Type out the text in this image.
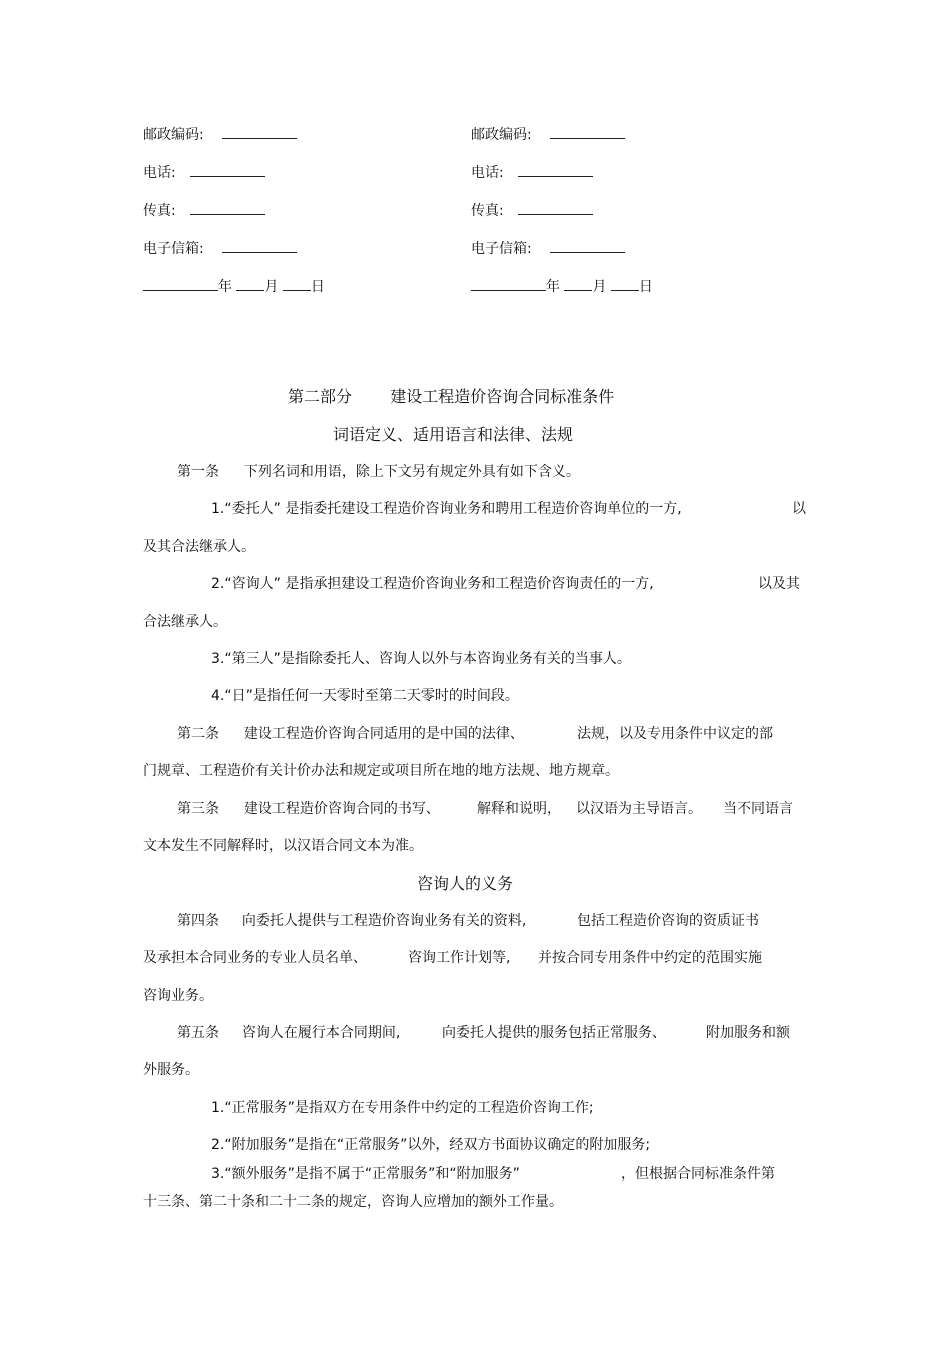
邮政编码:
电话:
传真:
电子信箱:
年 月 日
邮政编码:
电话:
传真:
电子信箱:
年 月 日
第二部分 建设工程造价咨询合同标准条件
词语定义、适用语言和法律、法规
第一条 下列名词和用语，除上下文另有规定外具有如下含义。
1.“委托人” 是指委托建设工程造价咨询业务和聘用工程造价咨询单位的一方,	以
及其合法继承人。
2.“咨询人” 是指承担建设工程造价咨询业务和工程造价咨询责任的一方,	以及其
合法继承人。
3.“第三人”是指除委托人、咨询人以外与本咨询业务有关的当事人。
4.“日”是指任何一天零时至第二天零时的时间段。
第二条 建设工程造价咨询合同适用的是中国的法律、	法规，以及专用条件中议定的部
门规章、工程造价有关计价办法和规定或项目所在地的地方法规、地方规章。
第三条 建设工程造价咨询合同的书写、	解释和说明， 以汉语为主导语言。 当不同语言
文本发生不同解释时，以汉语合同文本为准。
咨询人的义务
第四条 向委托人提供与工程造价咨询业务有关的资料,	包括工程造价咨询的资质证书
及承担本合同业务的专业人员名单、	咨询工作计划等, 并按合同专用条件中约定的范围实施
咨询业务。
第五条 咨询人在履行本合同期间,	向委托人提供的服务包括正常服务、	附加服务和额
外服务。
1.“正常服务”是指双方在专用条件中约定的工程造价咨询工作;
2.“附加服务”是指在“正常服务”以外，经双方书面协议确定的附加服务;
3.“额外服务”是指不属于“正常服务”和“附加服务”	，但根据合同标准条件第
十三条、第二十条和二十二条的规定，咨询人应增加的额外工作量。
